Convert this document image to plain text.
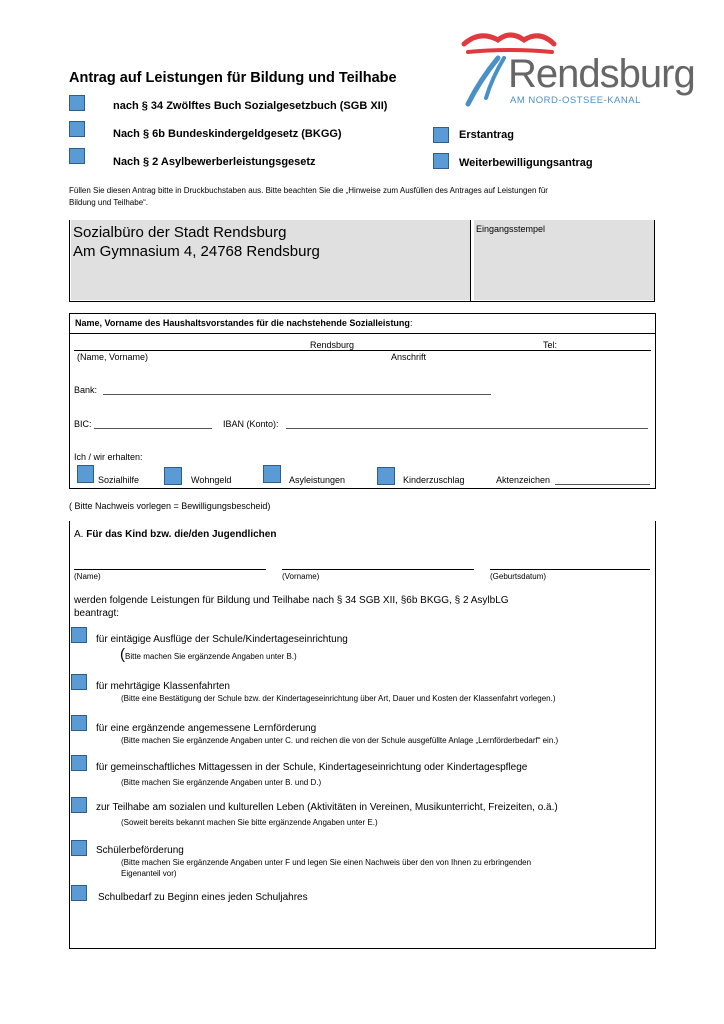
Rendsburg
AM NORD-OSTSEE-KANAL
Antrag auf Leistungen für Bildung und Teilhabe
nach § 34 Zwölftes Buch Sozialgesetzbuch (SGB XII)
Nach § 6b Bundeskindergeldgesetz (BKGG)
Nach § 2 Asylbewerberleistungsgesetz
Erstantrag
Weiterbewilligungsantrag
Füllen Sie diesen Antrag bitte in Druckbuchstaben aus. Bitte beachten Sie die „Hinweise zum Ausfüllen des Antrages auf Leistungen für
Bildung und Teilhabe“.
Sozialbüro der Stadt Rendsburg
Am Gymnasium 4, 24768 Rendsburg
Eingangsstempel
Name, Vorname des Haushaltsvorstandes für die nachstehende Sozialleistung:
Rendsburg	Tel:
(Name, Vorname)	Anschrift
Bank:
BIC:	IBAN (Konto):
Ich / wir erhalten:
Sozialhilfe	Wohngeld	Asyleistungen	Kinderzuschlag	Aktenzeichen
( Bitte Nachweis vorlegen = Bewilligungsbescheid)
A. Für das Kind bzw. die/den Jugendlichen
(Name)	(Vorname)	(Geburtsdatum)
werden folgende Leistungen für Bildung und Teilhabe nach § 34 SGB XII, §6b BKGG, § 2 AsylbLG
beantragt:
für eintägige Ausflüge der Schule/Kindertageseinrichtung
(Bitte machen Sie ergänzende Angaben unter B.)
für mehrtägige Klassenfahrten
(Bitte eine Bestätigung der Schule bzw. der Kindertageseinrichtung über Art, Dauer und Kosten der Klassenfahrt vorlegen.)
für eine ergänzende angemessene Lernförderung
(Bitte machen Sie ergänzende Angaben unter C. und reichen die von der Schule ausgefüllte Anlage „Lernförderbedarf“ ein.)
für gemeinschaftliches Mittagessen in der Schule, Kindertageseinrichtung oder Kindertagespflege
(Bitte machen Sie ergänzende Angaben unter B. und D.)
zur Teilhabe am sozialen und kulturellen Leben (Aktivitäten in Vereinen, Musikunterricht, Freizeiten, o.ä.)
(Soweit bereits bekannt machen Sie bitte ergänzende Angaben unter E.)
Schülerbeförderung
(Bitte machen Sie ergänzende Angaben unter F und legen Sie einen Nachweis über den von Ihnen zu erbringenden
Eigenanteil vor)
Schulbedarf zu Beginn eines jeden Schuljahres
